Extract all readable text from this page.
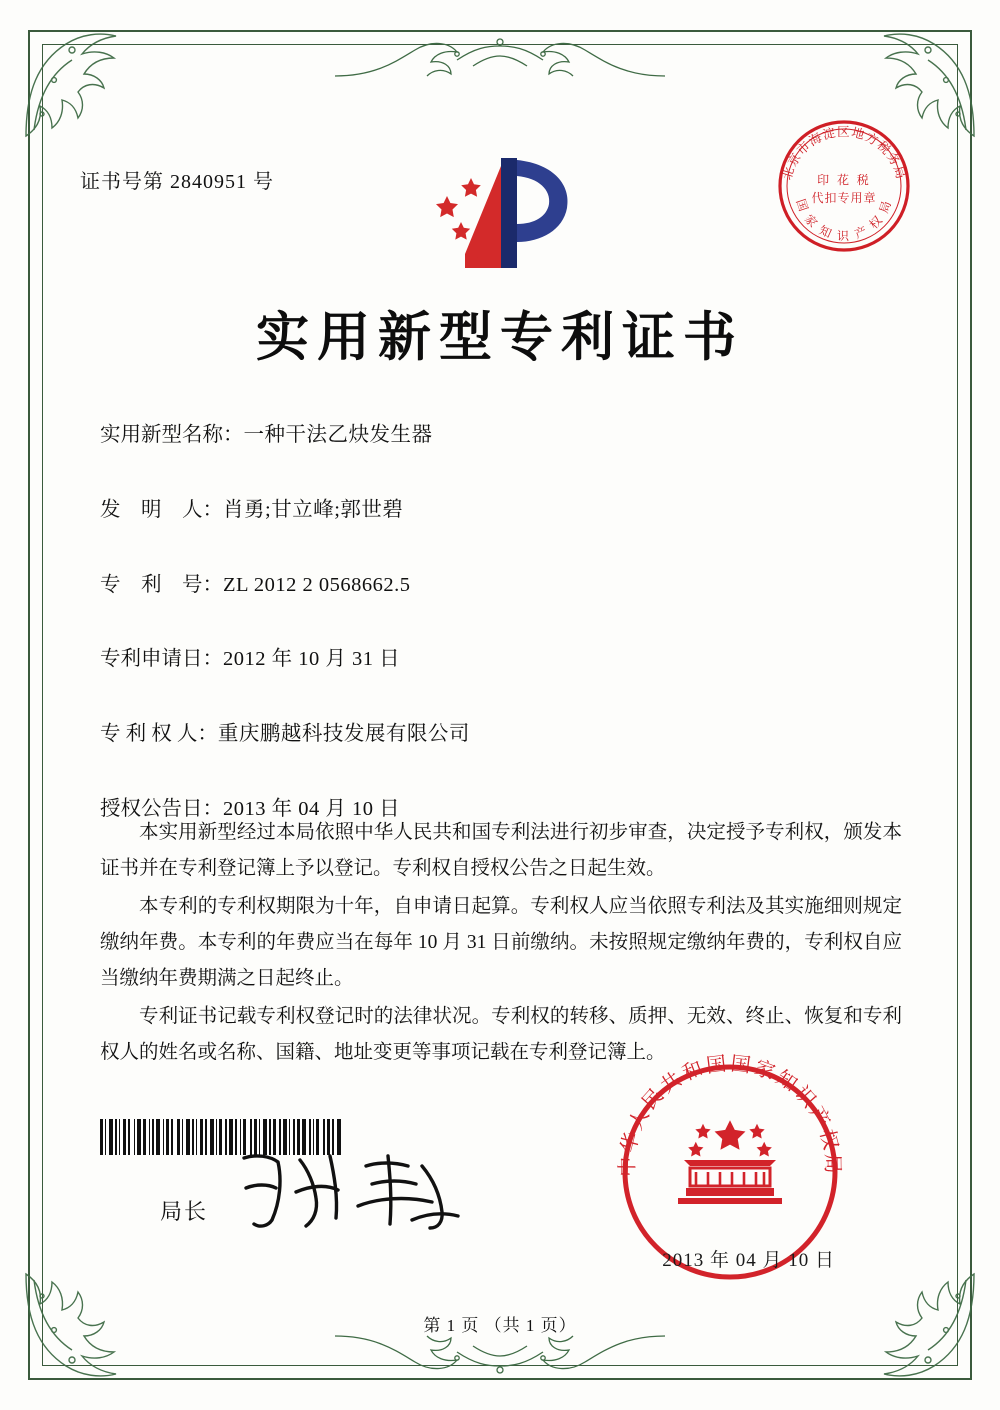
证书号第 2840951 号	北京市海淀区地方税务局
国 家 知 识 产 权 局
印 花 税
代扣专用章
实用新型专利证书
实用新型名称：一种干法乙炔发生器
发　明　人：肖勇;甘立峰;郭世碧
专　利　号：ZL 2012 2 0568662.5
专利申请日：2012 年 10 月 31 日
专 利 权 人：重庆鹏越科技发展有限公司
授权公告日：2013 年 04 月 10 日

本实用新型经过本局依照中华人民共和国专利法进行初步审查，决定授予专利权，颁发本证书并在专利登记簿上予以登记。专利权自授权公告之日起生效。

本专利的专利权期限为十年，自申请日起算。专利权人应当依照专利法及其实施细则规定缴纳年费。本专利的年费应当在每年 10 月 31 日前缴纳。未按照规定缴纳年费的，专利权自应当缴纳年费期满之日起终止。

专利证书记载专利权登记时的法律状况。专利权的转移、质押、无效、终止、恢复和专利权人的姓名或名称、国籍、地址变更等事项记载在专利登记簿上。

局长
中华人民共和国国家知识产权局
2013 年 04 月 10 日
第 1 页 （共 1 页）
